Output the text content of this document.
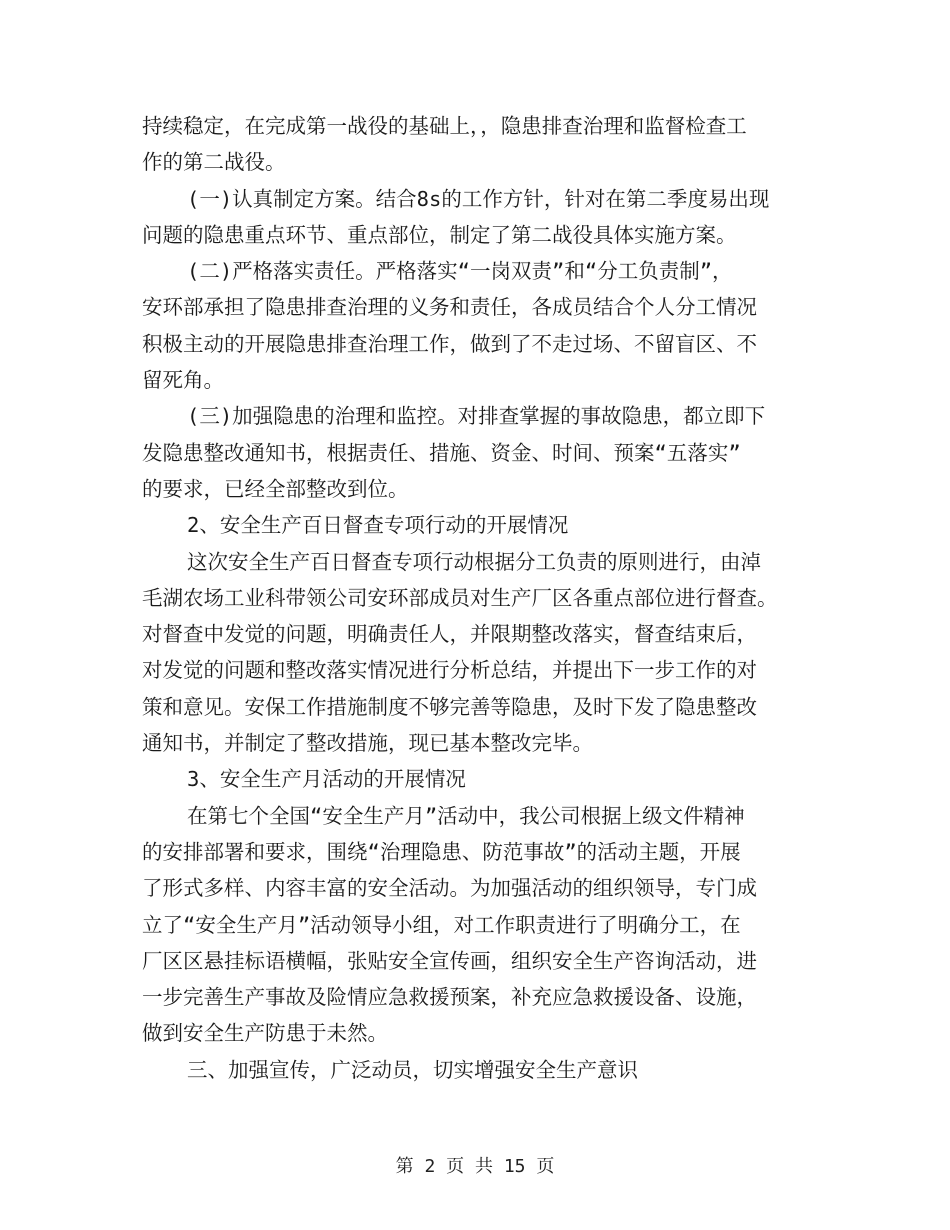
持续稳定，在完成第一战役的基础上，，隐患排查治理和监督检查工
作的第二战役。
(一)认真制定方案。结合8s的工作方针，针对在第二季度易出现
问题的隐患重点环节、重点部位，制定了第二战役具体实施方案。
(二)严格落实责任。严格落实“一岗双责”和“分工负责制”，
安环部承担了隐患排查治理的义务和责任，各成员结合个人分工情况
积极主动的开展隐患排查治理工作，做到了不走过场、不留盲区、不
留死角。
(三)加强隐患的治理和监控。对排查掌握的事故隐患，都立即下
发隐患整改通知书，根据责任、措施、资金、时间、预案“五落实”
的要求，已经全部整改到位。
2、安全生产百日督查专项行动的开展情况
这次安全生产百日督查专项行动根据分工负责的原则进行，由淖
毛湖农场工业科带领公司安环部成员对生产厂区各重点部位进行督查。
对督查中发觉的问题，明确责任人，并限期整改落实，督查结束后，
对发觉的问题和整改落实情况进行分析总结，并提出下一步工作的对
策和意见。安保工作措施制度不够完善等隐患，及时下发了隐患整改
通知书，并制定了整改措施，现已基本整改完毕。
3、安全生产月活动的开展情况
在第七个全国“安全生产月”活动中，我公司根据上级文件精神
的安排部署和要求，围绕“治理隐患、防范事故”的活动主题，开展
了形式多样、内容丰富的安全活动。为加强活动的组织领导，专门成
立了“安全生产月”活动领导小组，对工作职责进行了明确分工，在
厂区区悬挂标语横幅，张贴安全宣传画，组织安全生产咨询活动，进
一步完善生产事故及险情应急救援预案，补充应急救援设备、设施，
做到安全生产防患于未然。
三、加强宣传，广泛动员，切实增强安全生产意识
第 2 页 共 15 页
